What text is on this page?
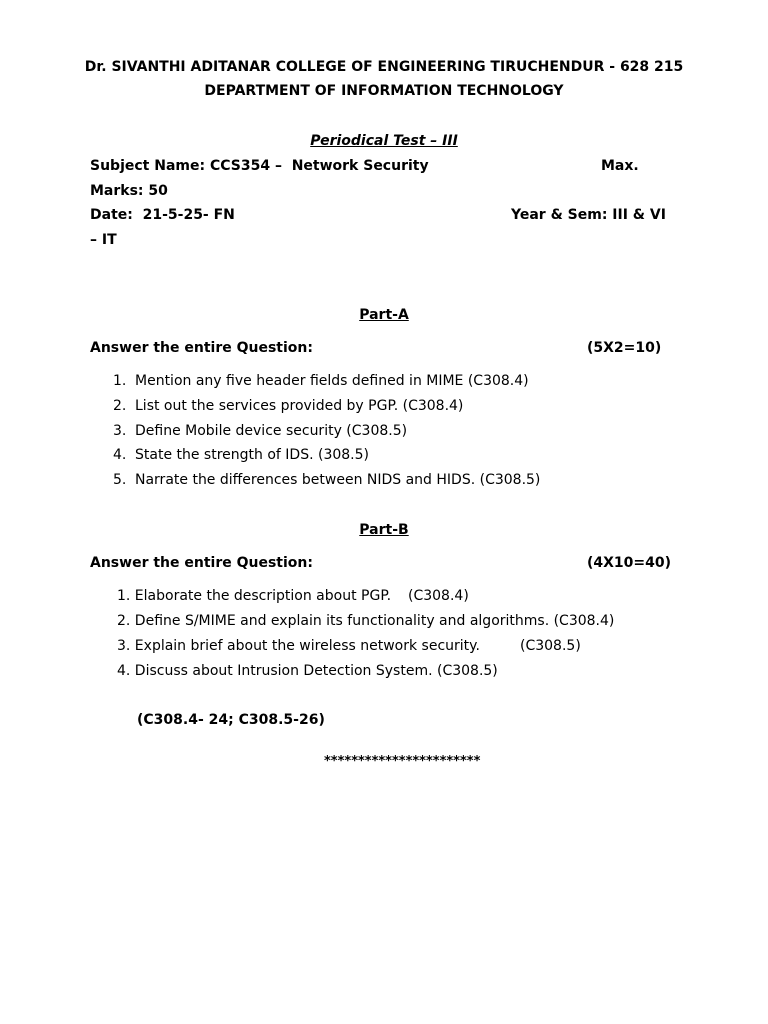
Dr. SIVANTHI ADITANAR COLLEGE OF ENGINEERING TIRUCHENDUR - 628 215
DEPARTMENT OF INFORMATION TECHNOLOGY
Periodical Test – III
Subject Name: CCS354 –  Network Security	Max.
Marks: 50
Date:  21-5-25- FN	Year & Sem: III & VI
– IT
Part-A
Answer the entire Question:	(5X2=10)
1. Mention any five header fields defined in MIME (C308.4)
2. List out the services provided by PGP. (C308.4)
3. Define Mobile device security (C308.5)
4. State the strength of IDS. (308.5)
5. Narrate the differences between NIDS and HIDS. (C308.5)
Part-B
Answer the entire Question:	(4X10=40)
1. Elaborate the description about PGP. (C308.4)
2. Define S/MIME and explain its functionality and algorithms. (C308.4)
3. Explain brief about the wireless network security.	(C308.5)
4. Discuss about Intrusion Detection System. (C308.5)
(C308.4- 24; C308.5-26)
***********************
